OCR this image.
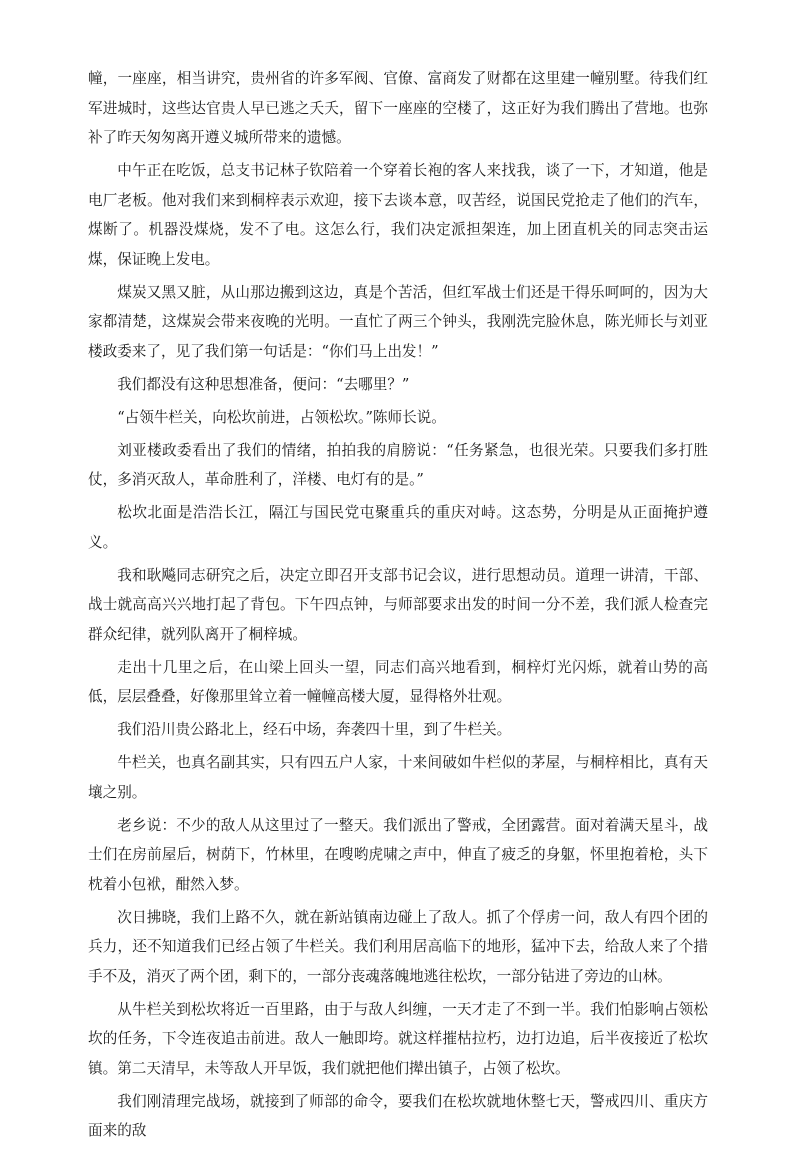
幢，一座座，相当讲究，贵州省的许多军阀、官僚、富商发了财都在这里建一幢别墅。待我们红军进城时，这些达官贵人早已逃之夭夭，留下一座座的空楼了，这正好为我们腾出了营地。也弥补了昨天匆匆离开遵义城所带来的遗憾。

中午正在吃饭，总支书记林子钦陪着一个穿着长袍的客人来找我，谈了一下，才知道，他是电厂老板。他对我们来到桐梓表示欢迎，接下去谈本意，叹苦经，说国民党抢走了他们的汽车，煤断了。机器没煤烧，发不了电。这怎么行，我们决定派担架连，加上团直机关的同志突击运煤，保证晚上发电。

煤炭又黑又脏，从山那边搬到这边，真是个苦活，但红军战士们还是干得乐呵呵的，因为大家都清楚，这煤炭会带来夜晚的光明。一直忙了两三个钟头，我刚洗完脸休息，陈光师长与刘亚楼政委来了，见了我们第一句话是：“你们马上出发！”

我们都没有这种思想准备，便问：“去哪里？”

“占领牛栏关，向松坎前进，占领松坎。”陈师长说。

刘亚楼政委看出了我们的情绪，拍拍我的肩膀说：“任务紧急，也很光荣。只要我们多打胜仗，多消灭敌人，革命胜利了，洋楼、电灯有的是。”

松坎北面是浩浩长江，隔江与国民党屯聚重兵的重庆对峙。这态势，分明是从正面掩护遵义。

我和耿飚同志研究之后，决定立即召开支部书记会议，进行思想动员。道理一讲清，干部、战士就高高兴兴地打起了背包。下午四点钟，与师部要求出发的时间一分不差，我们派人检查完群众纪律，就列队离开了桐梓城。

走出十几里之后，在山梁上回头一望，同志们高兴地看到，桐梓灯光闪烁，就着山势的高低，层层叠叠，好像那里耸立着一幢幢高楼大厦，显得格外壮观。

我们沿川贵公路北上，经石中场，奔袭四十里，到了牛栏关。

牛栏关，也真名副其实，只有四五户人家，十来间破如牛栏似的茅屋，与桐梓相比，真有天壤之别。

老乡说：不少的敌人从这里过了一整天。我们派出了警戒，全团露营。面对着满天星斗，战士们在房前屋后，树荫下，竹林里，在嗖哟虎啸之声中，伸直了疲乏的身躯，怀里抱着枪，头下枕着小包袱，酣然入梦。

次日拂晓，我们上路不久，就在新站镇南边碰上了敌人。抓了个俘虏一问，敌人有四个团的兵力，还不知道我们已经占领了牛栏关。我们利用居高临下的地形，猛冲下去，给敌人来了个措手不及，消灭了两个团，剩下的，一部分丧魂落魄地逃往松坎，一部分钻进了旁边的山林。

从牛栏关到松坎将近一百里路，由于与敌人纠缠，一天才走了不到一半。我们怕影响占领松坎的任务，下令连夜追击前进。敌人一触即垮。就这样摧枯拉朽，边打边追，后半夜接近了松坎镇。第二天清早，未等敌人开早饭，我们就把他们撵出镇子，占领了松坎。

我们刚清理完战场，就接到了师部的命令，要我们在松坎就地休整七天，警戒四川、重庆方面来的敌
